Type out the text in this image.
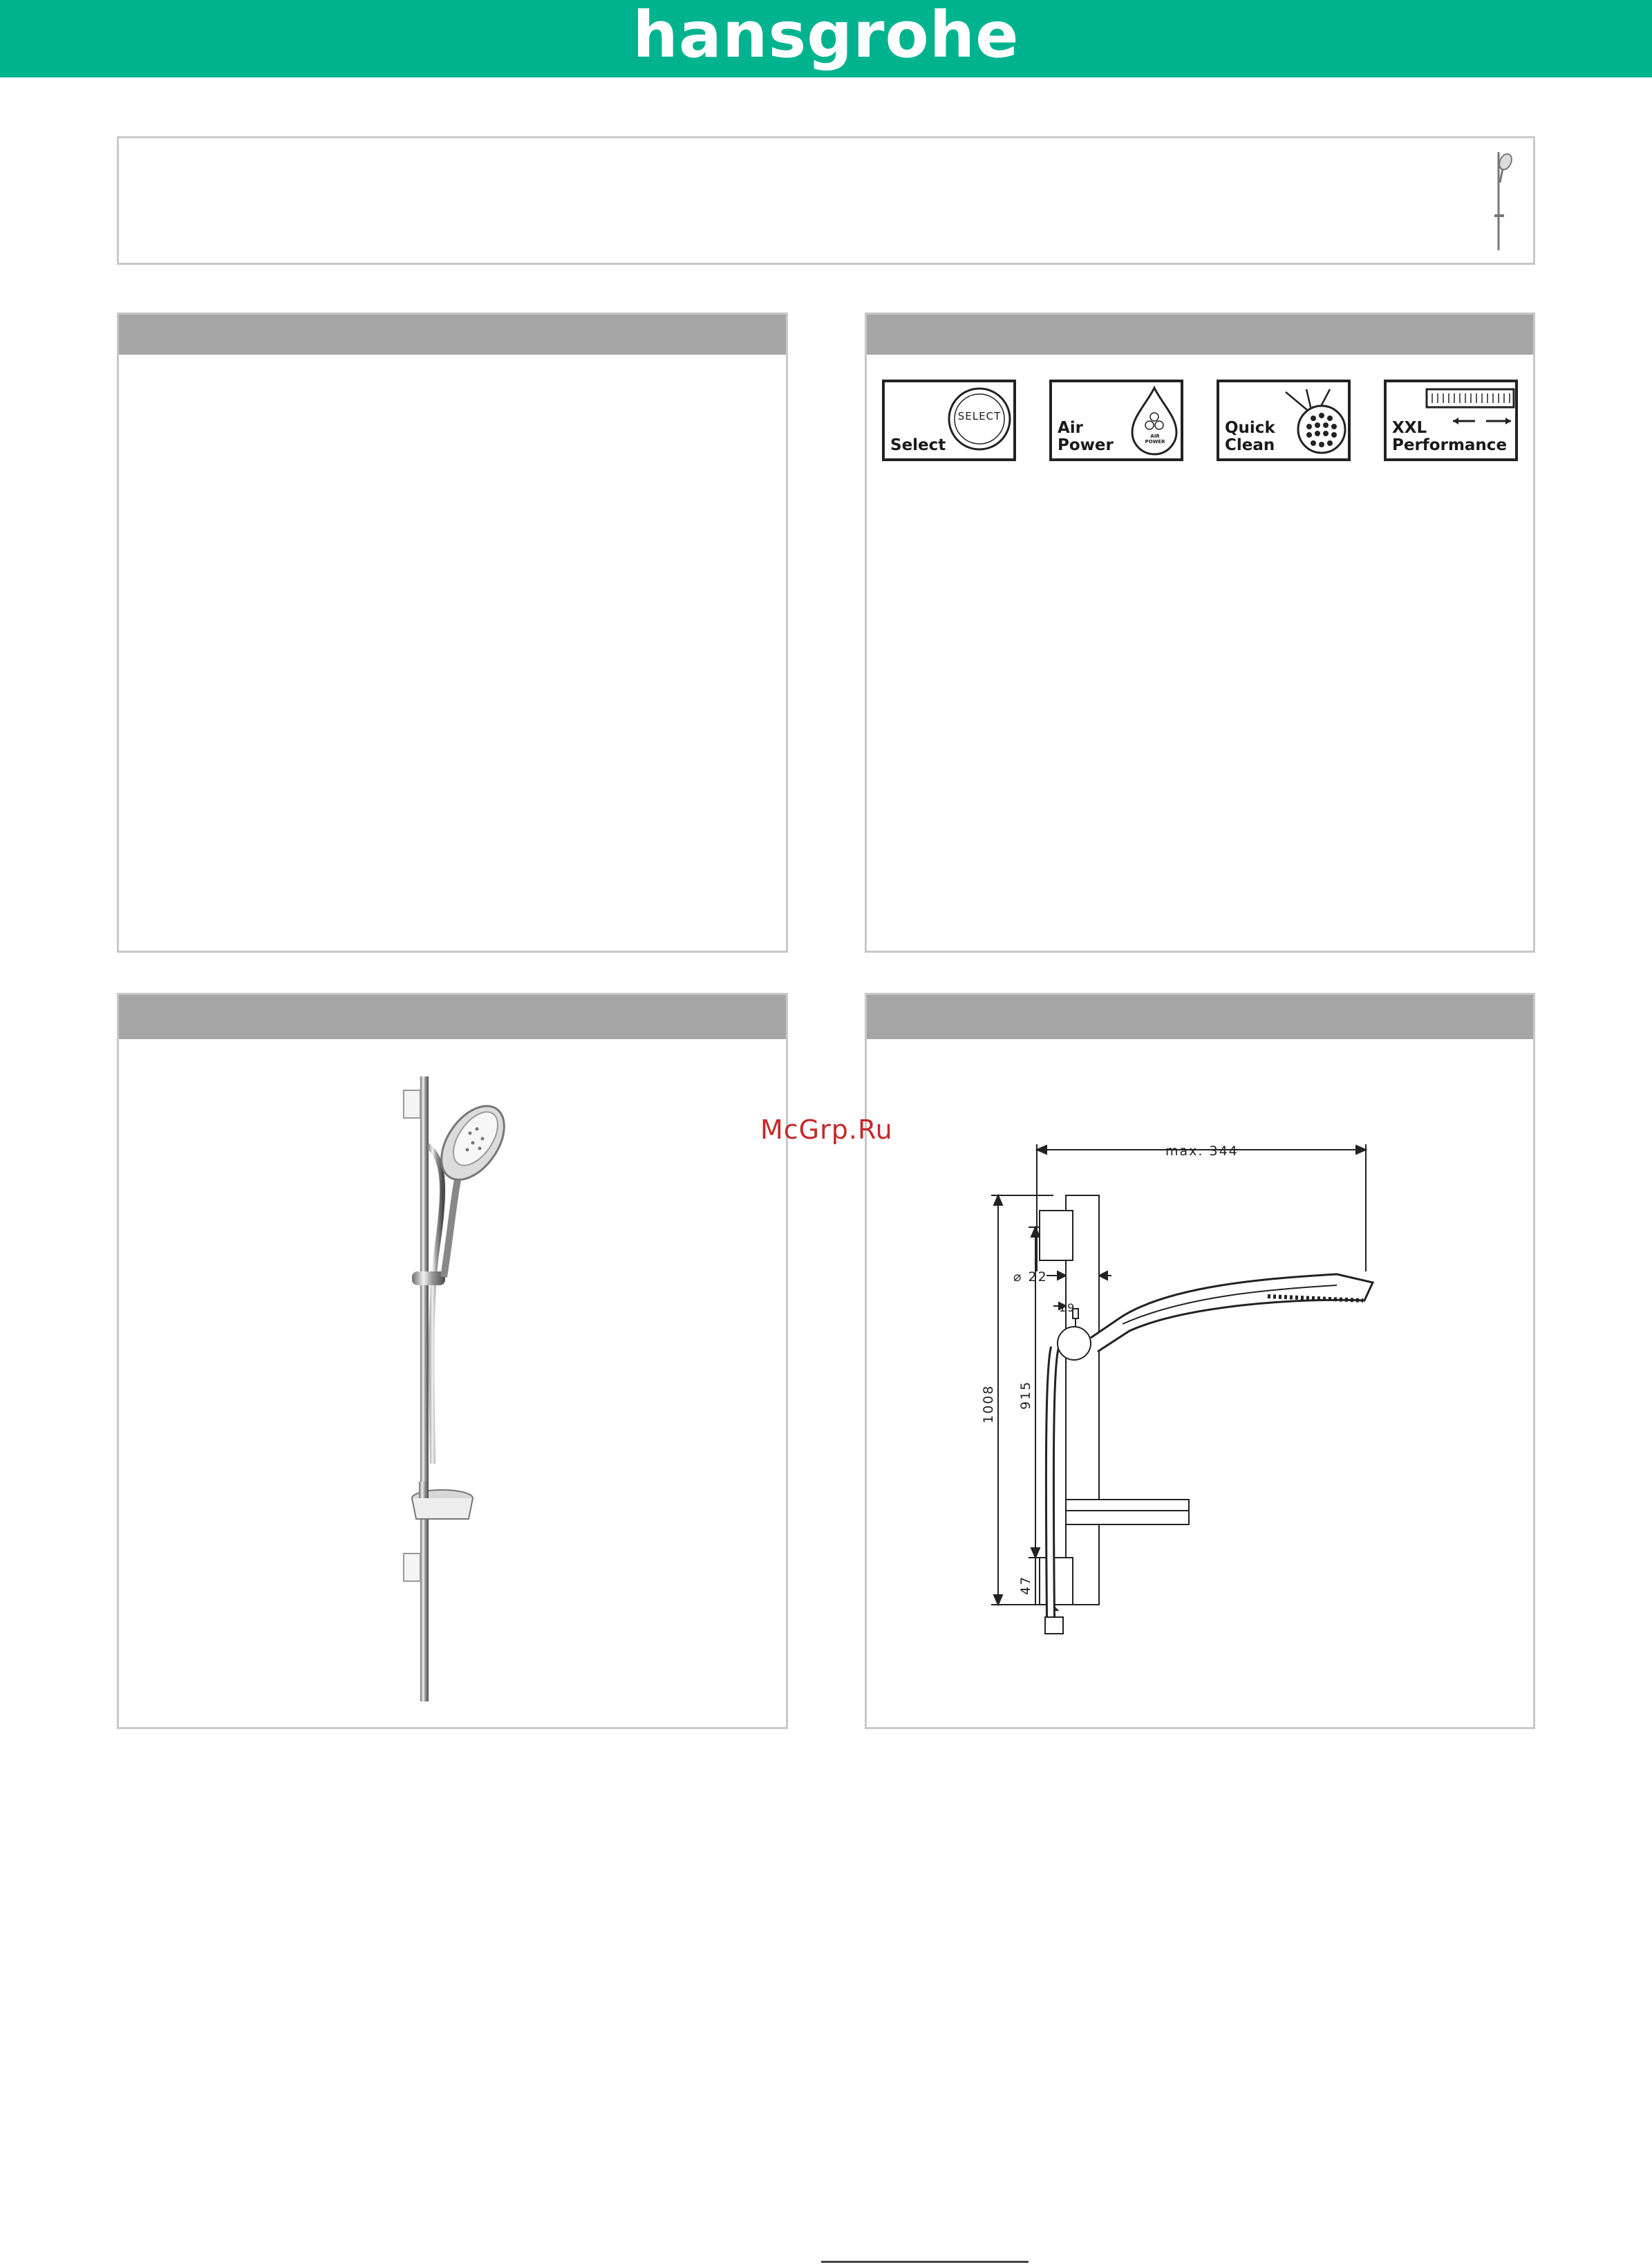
hansgrohe
SELECT
Select	AIR
POWER
Air
Power
Quick
Clean
XXL
Performance
max. 344
⌀ 22
19
1008 915
47
McGrp.Ru
